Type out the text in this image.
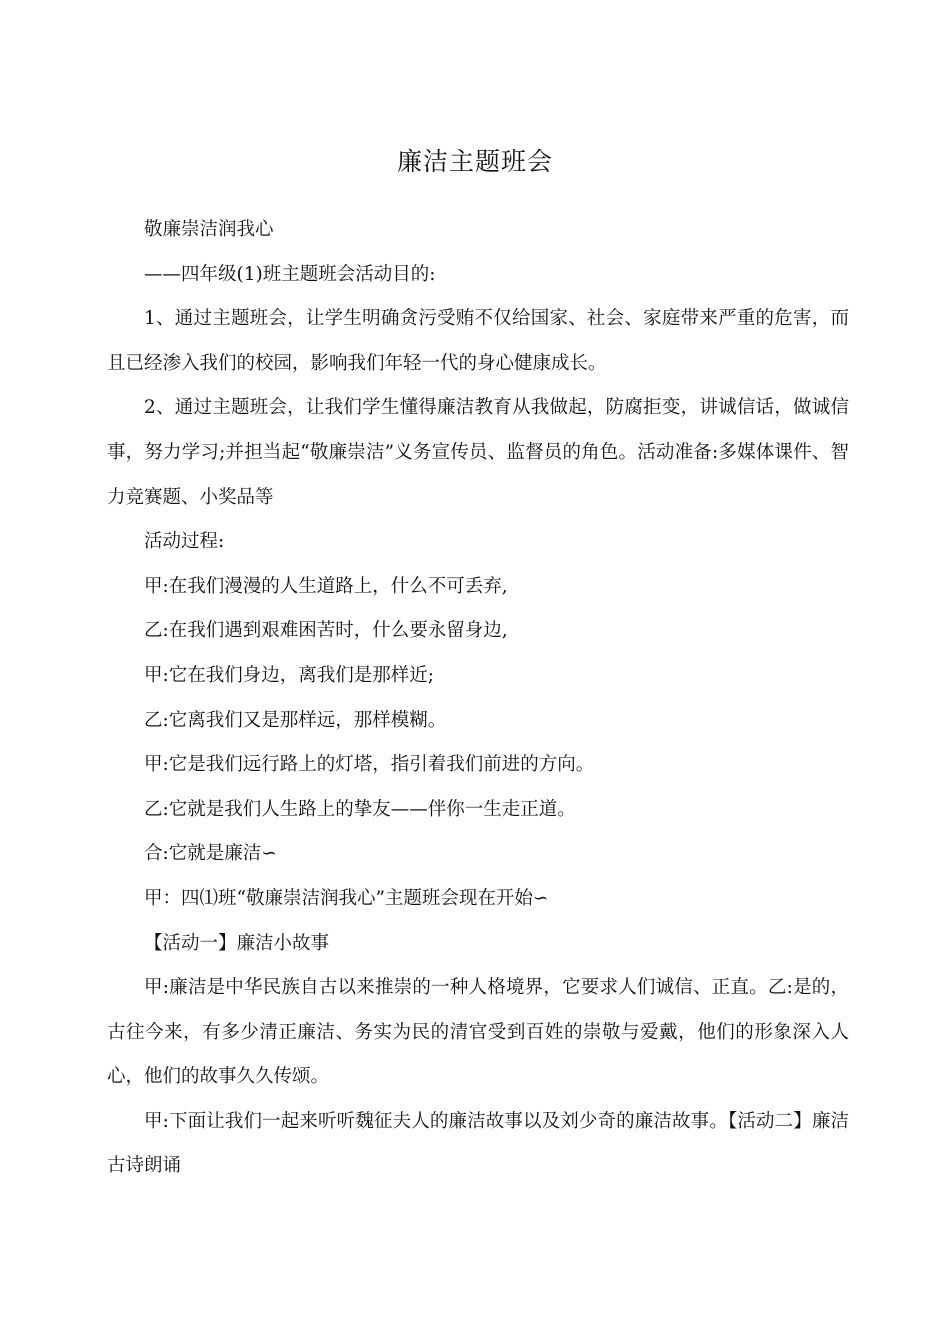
廉洁主题班会

敬廉崇洁润我心

——四年级(1)班主题班会活动目的:

1、通过主题班会，让学生明确贪污受贿不仅给国家、社会、家庭带来严重的危害，而且已经渗入我们的校园，影响我们年轻一代的身心健康成长。

2、通过主题班会，让我们学生懂得廉洁教育从我做起，防腐拒变，讲诚信话，做诚信事，努力学习;并担当起“敬廉崇洁”义务宣传员、监督员的角色。活动准备:多媒体课件、智力竞赛题、小奖品等

活动过程:

甲:在我们漫漫的人生道路上，什么不可丢弃,

乙:在我们遇到艰难困苦时，什么要永留身边,

甲:它在我们身边，离我们是那样近;

乙:它离我们又是那样远，那样模糊。

甲:它是我们远行路上的灯塔，指引着我们前进的方向。

乙:它就是我们人生路上的挚友——伴你一生走正道。

合:它就是廉洁∽

甲：四⑴班“敬廉崇洁润我心”主题班会现在开始∽

【活动一】廉洁小故事

甲:廉洁是中华民族自古以来推崇的一种人格境界，它要求人们诚信、正直。乙:是的，古往今来，有多少清正廉洁、务实为民的清官受到百姓的崇敬与爱戴，他们的形象深入人心，他们的故事久久传颂。

甲:下面让我们一起来听听魏征夫人的廉洁故事以及刘少奇的廉洁故事。【活动二】廉洁古诗朗诵
